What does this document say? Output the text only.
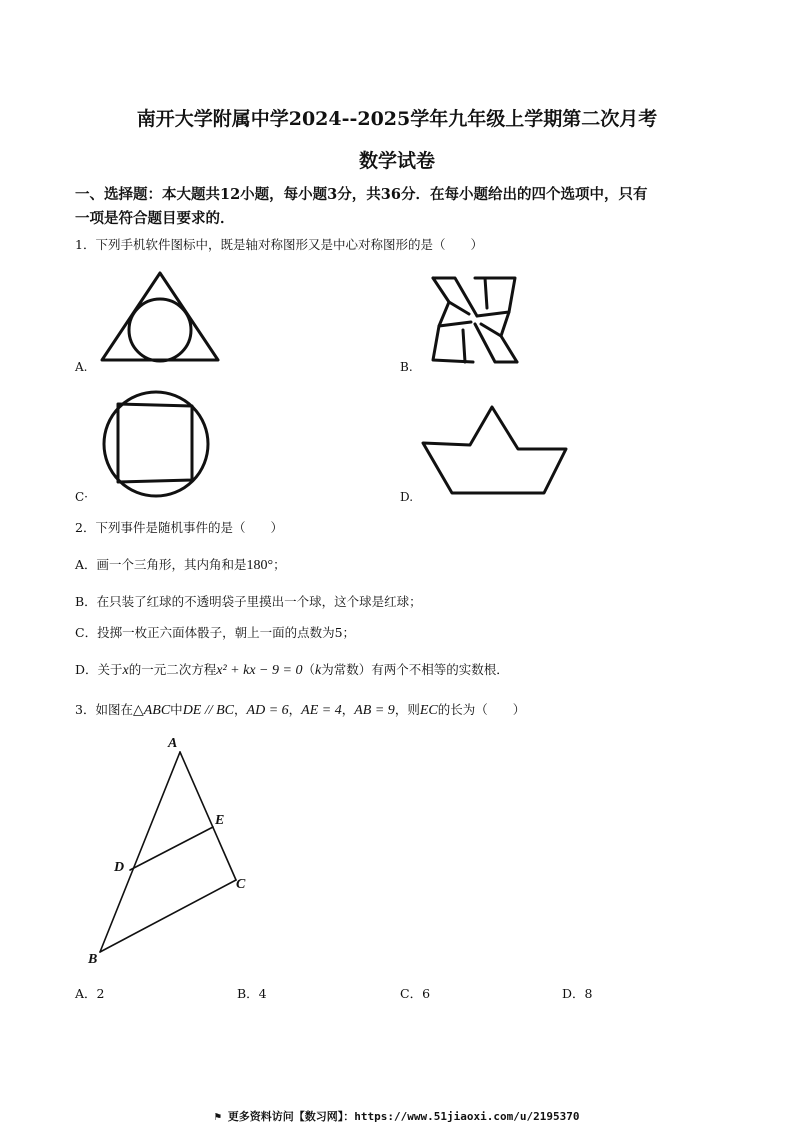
南开大学附属中学2024--2025学年九年级上学期第二次月考
数学试卷
一、选择题：本大题共12小题，每小题3分，共36分．在每小题给出的四个选项中，只有
一项是符合题目要求的．
1．下列手机软件图标中，既是轴对称图形又是中心对称图形的是（　　）
A.	B.
C·	D.
2．下列事件是随机事件的是（　　）
A．画一个三角形，其内角和是180°；
B．在只装了红球的不透明袋子里摸出一个球，这个球是红球；
C．投掷一枚正六面体骰子，朝上一面的点数为5；
D．关于x的一元二次方程x² + kx − 9 = 0（k为常数）有两个不相等的实数根．
3．如图在△ABC中DE // BC，AD = 6，AE = 4，AB = 9，则EC的长为（　　）
A
E
D
C
B
A．2	B．4	C．6	D．8
⚑ 更多资料访问【数习网】：https://www.51jiaoxi.com/u/2195370
